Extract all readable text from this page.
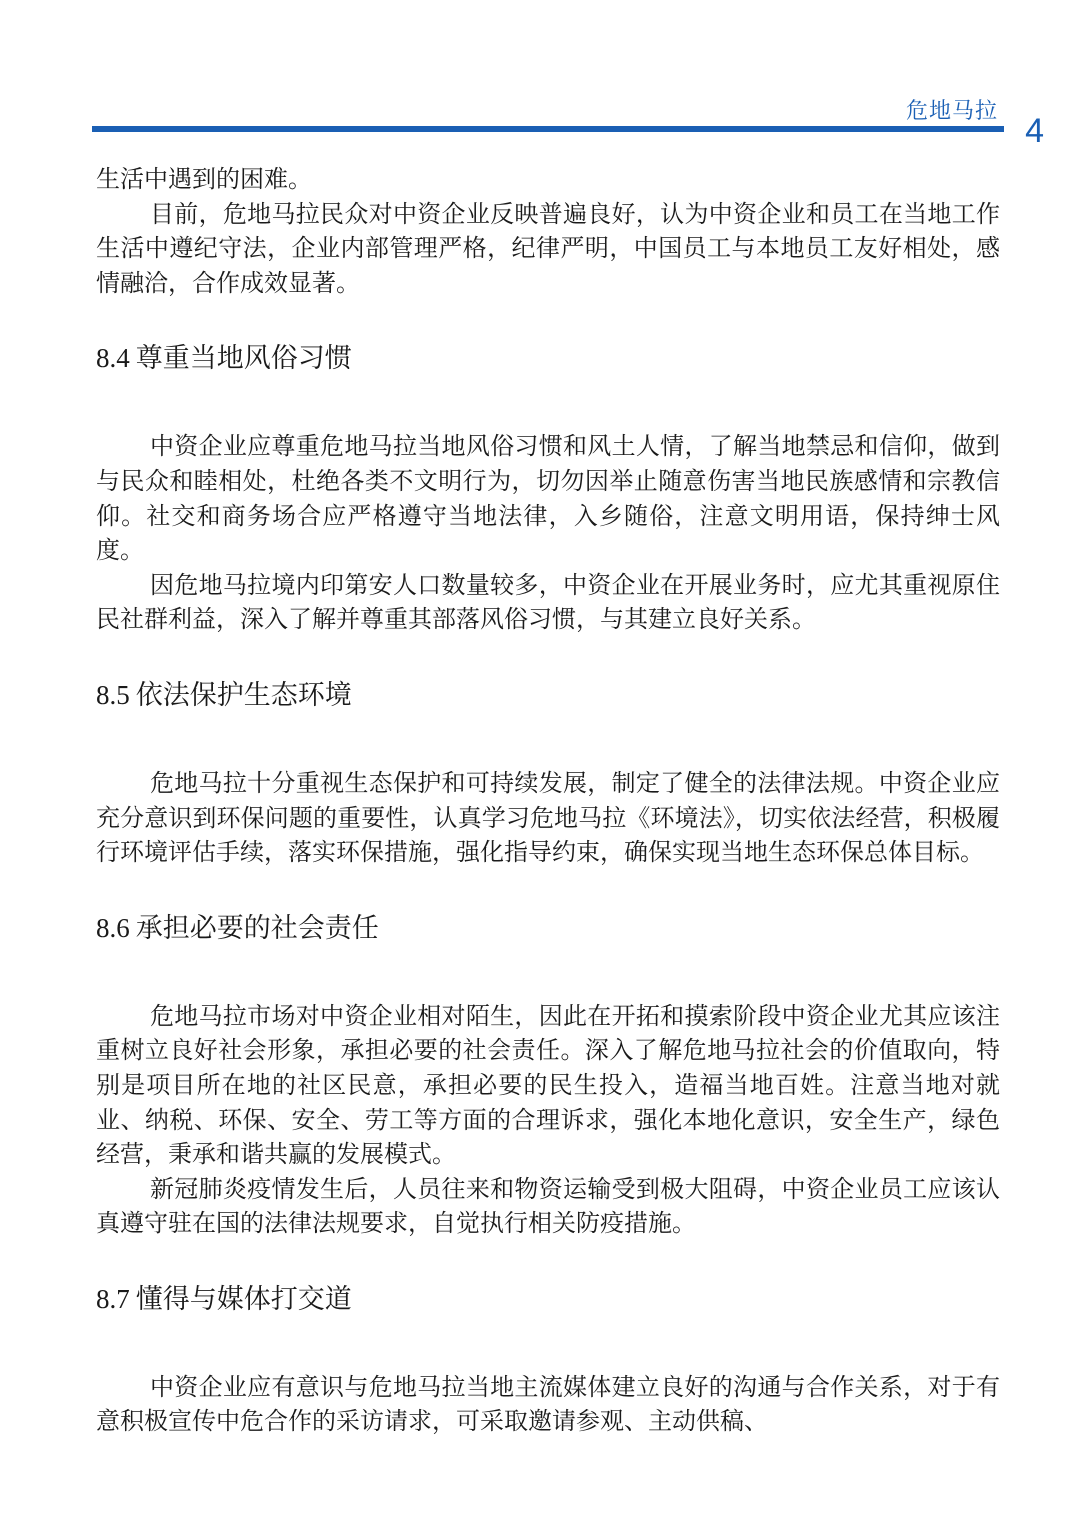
危地马拉
4

生活中遇到的困难。

目前，危地马拉民众对中资企业反映普遍良好，认为中资企业和员工在当地工作生活中遵纪守法，企业内部管理严格，纪律严明，中国员工与本地员工友好相处，感情融洽，合作成效显著。

8.4 尊重当地风俗习惯

中资企业应尊重危地马拉当地风俗习惯和风土人情，了解当地禁忌和信仰，做到与民众和睦相处，杜绝各类不文明行为，切勿因举止随意伤害当地民族感情和宗教信仰。社交和商务场合应严格遵守当地法律，入乡随俗，注意文明用语，保持绅士风度。

因危地马拉境内印第安人口数量较多，中资企业在开展业务时，应尤其重视原住民社群利益，深入了解并尊重其部落风俗习惯，与其建立良好关系。

8.5 依法保护生态环境

危地马拉十分重视生态保护和可持续发展，制定了健全的法律法规。中资企业应充分意识到环保问题的重要性，认真学习危地马拉《环境法》，切实依法经营，积极履行环境评估手续，落实环保措施，强化指导约束，确保实现当地生态环保总体目标。

8.6 承担必要的社会责任

危地马拉市场对中资企业相对陌生，因此在开拓和摸索阶段中资企业尤其应该注重树立良好社会形象，承担必要的社会责任。深入了解危地马拉社会的价值取向，特别是项目所在地的社区民意，承担必要的民生投入，造福当地百姓。注意当地对就业、纳税、环保、安全、劳工等方面的合理诉求，强化本地化意识，安全生产，绿色经营，秉承和谐共赢的发展模式。

新冠肺炎疫情发生后，人员往来和物资运输受到极大阻碍，中资企业员工应该认真遵守驻在国的法律法规要求，自觉执行相关防疫措施。

8.7 懂得与媒体打交道

中资企业应有意识与危地马拉当地主流媒体建立良好的沟通与合作关系，对于有意积极宣传中危合作的采访请求，可采取邀请参观、主动供稿、
